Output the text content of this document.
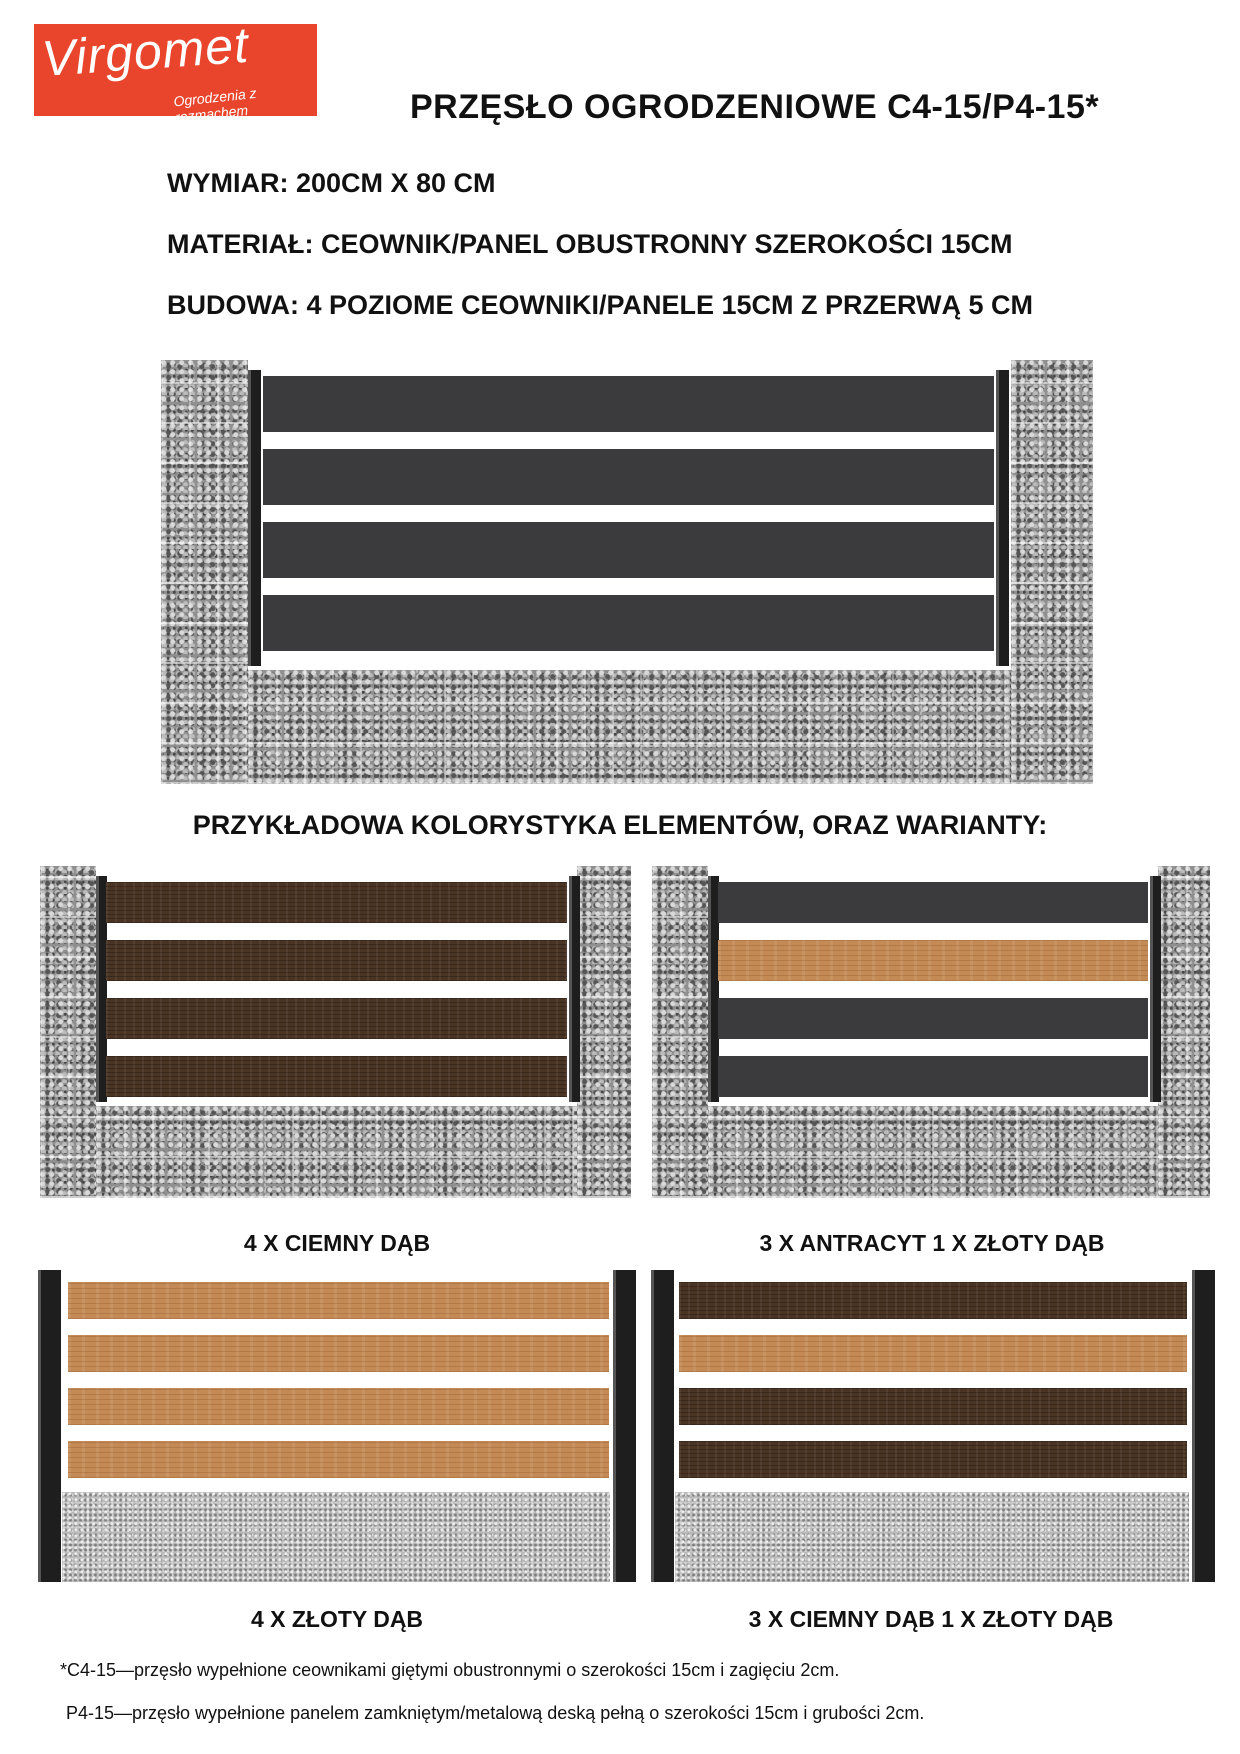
Virgomet
Ogrodzenia z rozmachem	PRZĘSŁO OGRODZENIOWE C4-15/P4-15*
WYMIAR: 200CM X 80 CM
MATERIAŁ: CEOWNIK/PANEL OBUSTRONNY SZEROKOŚCI 15CM
BUDOWA: 4 POZIOME CEOWNIKI/PANELE 15CM Z PRZERWĄ 5 CM
PRZYKŁADOWA KOLORYSTYKA ELEMENTÓW, ORAZ WARIANTY:
4 X CIEMNY DĄB	3 X ANTRACYT 1 X ZŁOTY DĄB
4 X ZŁOTY DĄB	3 X CIEMNY DĄB 1 X ZŁOTY DĄB
*C4-15—przęsło wypełnione ceownikami giętymi obustronnymi o szerokości 15cm i zagięciu 2cm.
P4-15—przęsło wypełnione panelem zamkniętym/metalową deską pełną o szerokości 15cm i grubości 2cm.
